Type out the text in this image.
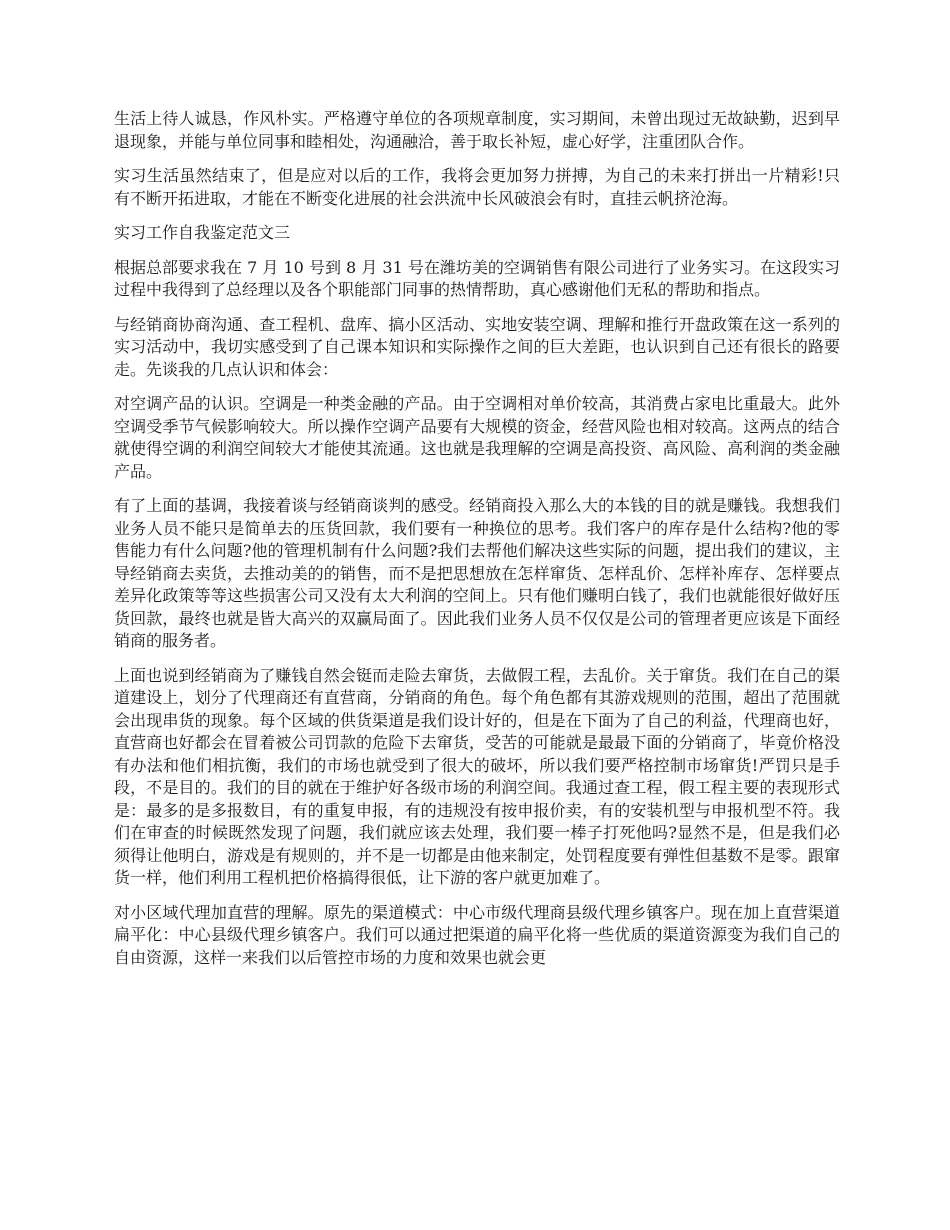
生活上待人诚恳，作风朴实。严格遵守单位的各项规章制度，实习期间，未曾出现过无故缺勤，迟到早退现象，并能与单位同事和睦相处，沟通融洽，善于取长补短，虚心好学，注重团队合作。

实习生活虽然结束了，但是应对以后的工作，我将会更加努力拼搏，为自己的未来打拼出一片精彩!只有不断开拓进取，才能在不断变化进展的社会洪流中长风破浪会有时，直挂云帆挤沧海。

实习工作自我鉴定范文三

根据总部要求我在 7 月 10 号到 8 月 31 号在潍坊美的空调销售有限公司进行了业务实习。在这段实习过程中我得到了总经理以及各个职能部门同事的热情帮助，真心感谢他们无私的帮助和指点。

与经销商协商沟通、查工程机、盘库、搞小区活动、实地安装空调、理解和推行开盘政策在这一系列的实习活动中，我切实感受到了自己课本知识和实际操作之间的巨大差距，也认识到自己还有很长的路要走。先谈我的几点认识和体会：

对空调产品的认识。空调是一种类金融的产品。由于空调相对单价较高，其消费占家电比重最大。此外空调受季节气候影响较大。所以操作空调产品要有大规模的资金，经营风险也相对较高。这两点的结合就使得空调的利润空间较大才能使其流通。这也就是我理解的空调是高投资、高风险、高利润的类金融产品。

有了上面的基调，我接着谈与经销商谈判的感受。经销商投入那么大的本钱的目的就是赚钱。我想我们业务人员不能只是简单去的压货回款，我们要有一种换位的思考。我们客户的库存是什么结构?他的零售能力有什么问题?他的管理机制有什么问题?我们去帮他们解决这些实际的问题，提出我们的建议，主导经销商去卖货，去推动美的的销售，而不是把思想放在怎样窜货、怎样乱价、怎样补库存、怎样要点差异化政策等等这些损害公司又没有太大利润的空间上。只有他们赚明白钱了，我们也就能很好做好压货回款，最终也就是皆大高兴的双赢局面了。因此我们业务人员不仅仅是公司的管理者更应该是下面经销商的服务者。

上面也说到经销商为了赚钱自然会铤而走险去窜货，去做假工程，去乱价。关于窜货。我们在自己的渠道建设上，划分了代理商还有直营商，分销商的角色。每个角色都有其游戏规则的范围，超出了范围就会出现串货的现象。每个区域的供货渠道是我们设计好的，但是在下面为了自己的利益，代理商也好，直营商也好都会在冒着被公司罚款的危险下去窜货，受苦的可能就是最最下面的分销商了，毕竟价格没有办法和他们相抗衡，我们的市场也就受到了很大的破坏，所以我们要严格控制市场窜货!严罚只是手段，不是目的。我们的目的就在于维护好各级市场的利润空间。我通过查工程，假工程主要的表现形式是：最多的是多报数目，有的重复申报，有的违规没有按申报价卖，有的安装机型与申报机型不符。我们在审查的时候既然发现了问题，我们就应该去处理，我们要一棒子打死他吗?显然不是，但是我们必须得让他明白，游戏是有规则的，并不是一切都是由他来制定，处罚程度要有弹性但基数不是零。跟窜货一样，他们利用工程机把价格搞得很低，让下游的客户就更加难了。

对小区域代理加直营的理解。原先的渠道模式：中心市级代理商县级代理乡镇客户。现在加上直营渠道扁平化：中心县级代理乡镇客户。我们可以通过把渠道的扁平化将一些优质的渠道资源变为我们自己的自由资源，这样一来我们以后管控市场的力度和效果也就会更
